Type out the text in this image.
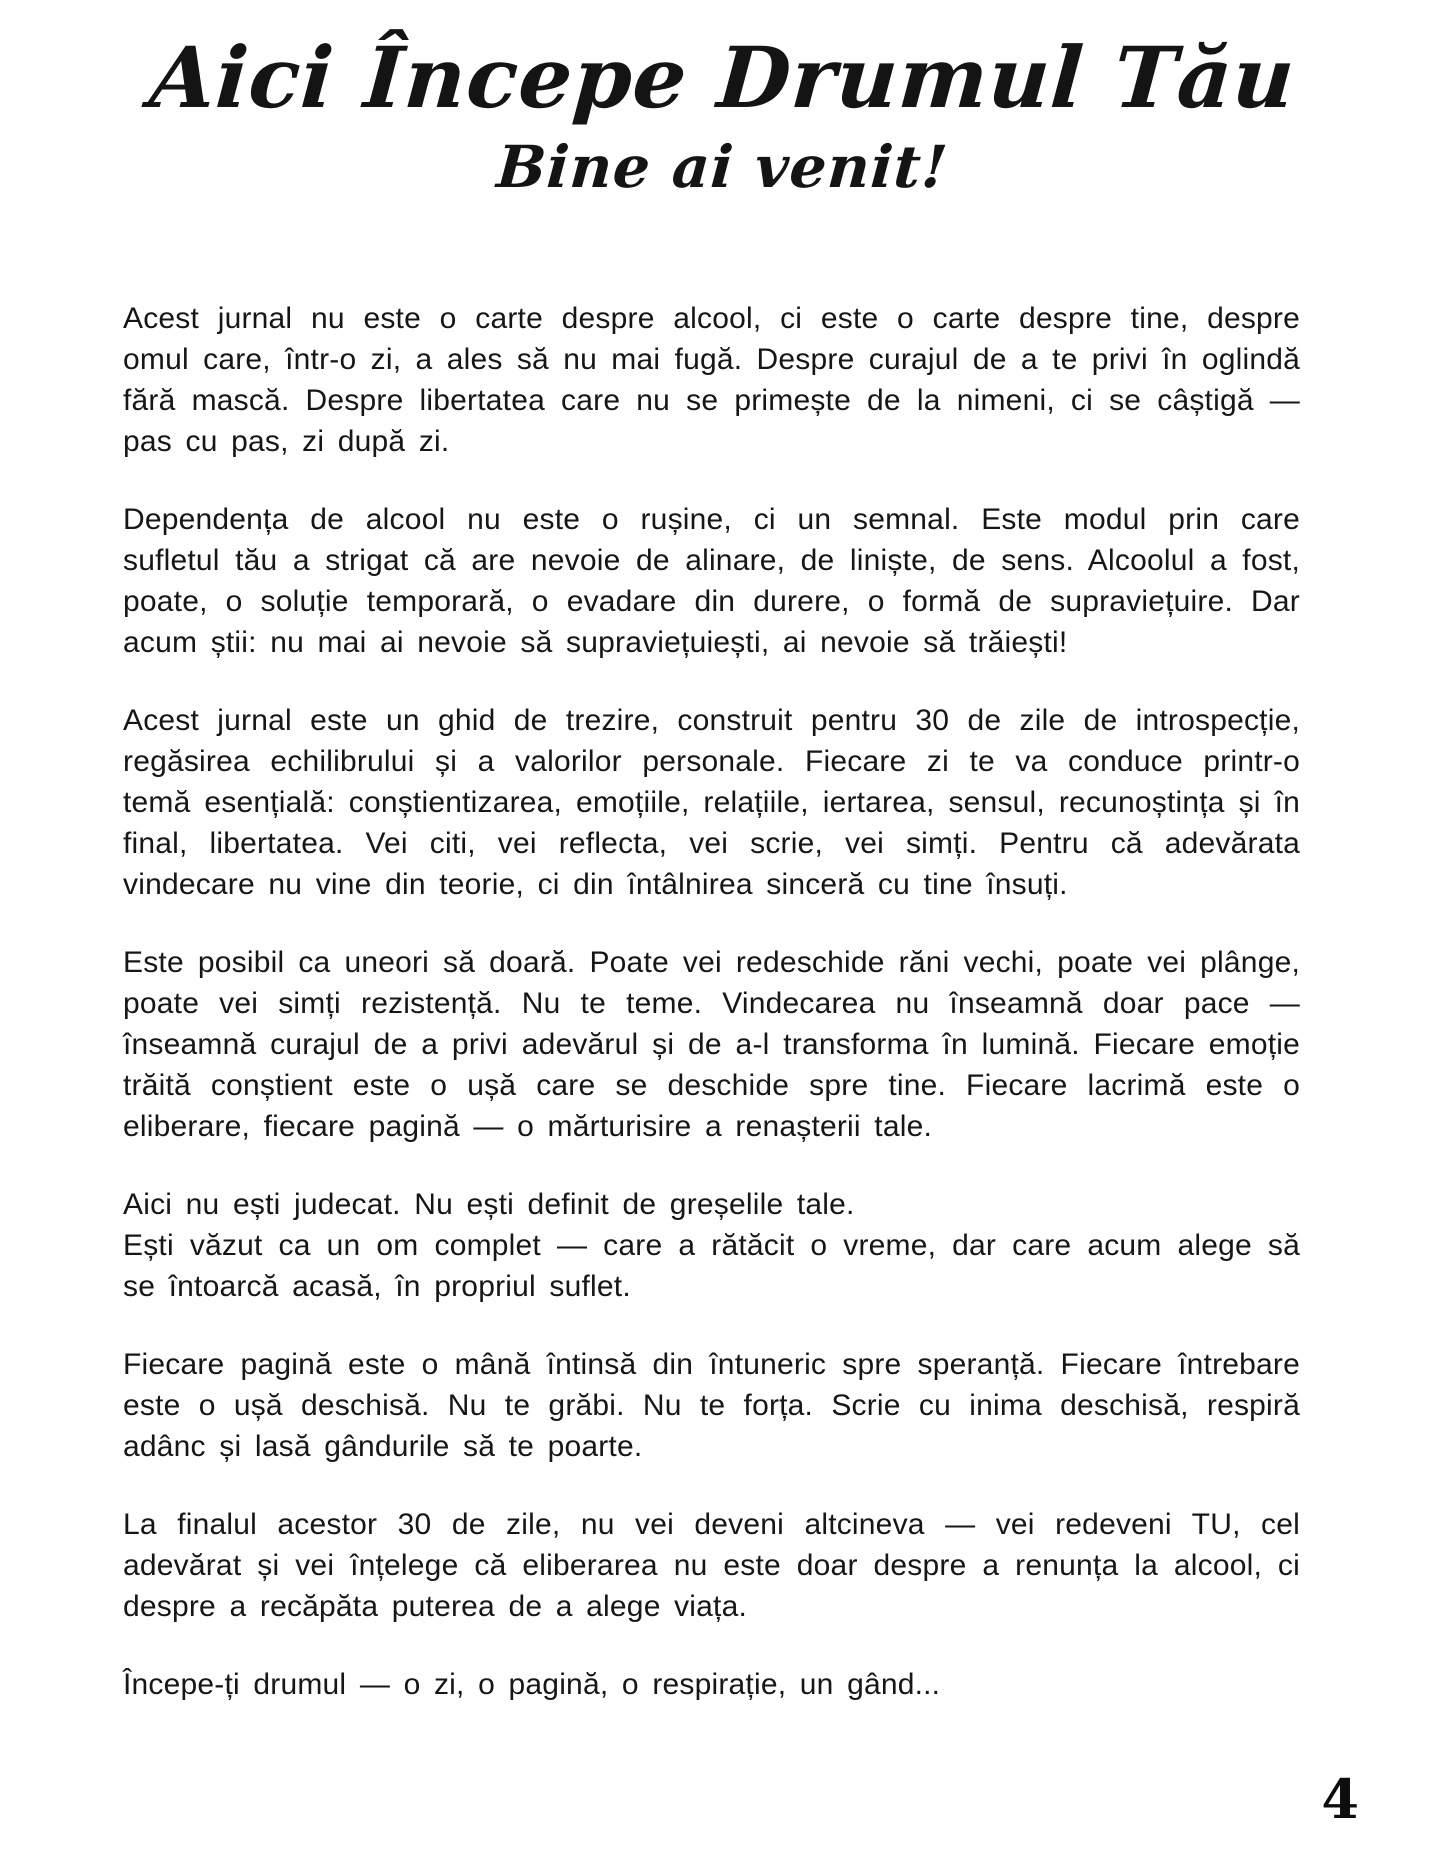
Aici Începe Drumul Tău
Bine ai venit!

Acest jurnal nu este o carte despre alcool, ci este o carte despre tine, despre omul care, într-o zi, a ales să nu mai fugă. Despre curajul de a te privi în oglindă fără mască. Despre libertatea care nu se primește de la nimeni, ci se câștigă — pas cu pas, zi după zi.

Dependența de alcool nu este o rușine, ci un semnal. Este modul prin care sufletul tău a strigat că are nevoie de alinare, de liniște, de sens. Alcoolul a fost, poate, o soluție temporară, o evadare din durere, o formă de supraviețuire. Dar acum știi: nu mai ai nevoie să supraviețuiești, ai nevoie să trăiești!

Acest jurnal este un ghid de trezire, construit pentru 30 de zile de introspecție, regăsirea echilibrului și a valorilor personale. Fiecare zi te va conduce printr-o temă esențială: conștientizarea, emoțiile, relațiile, iertarea, sensul, recunoștința și în final, libertatea. Vei citi, vei reflecta, vei scrie, vei simți. Pentru că adevărata vindecare nu vine din teorie, ci din întâlnirea sinceră cu tine însuți.

Este posibil ca uneori să doară. Poate vei redeschide răni vechi, poate vei plânge, poate vei simți rezistență. Nu te teme. Vindecarea nu înseamnă doar pace — înseamnă curajul de a privi adevărul și de a-l transforma în lumină. Fiecare emoție trăită conștient este o ușă care se deschide spre tine. Fiecare lacrimă este o eliberare, fiecare pagină — o mărturisire a renașterii tale.

Aici nu ești judecat. Nu ești definit de greșelile tale.
Ești văzut ca un om complet — care a rătăcit o vreme, dar care acum alege să se întoarcă acasă, în propriul suflet.

Fiecare pagină este o mână întinsă din întuneric spre speranță. Fiecare întrebare este o ușă deschisă. Nu te grăbi. Nu te forța. Scrie cu inima deschisă, respiră adânc și lasă gândurile să te poarte.

La finalul acestor 30 de zile, nu vei deveni altcineva — vei redeveni TU, cel adevărat și vei înțelege că eliberarea nu este doar despre a renunța la alcool, ci despre a recăpăta puterea de a alege viața.

Începe-ți drumul — o zi, o pagină, o respirație, un gând...

4
